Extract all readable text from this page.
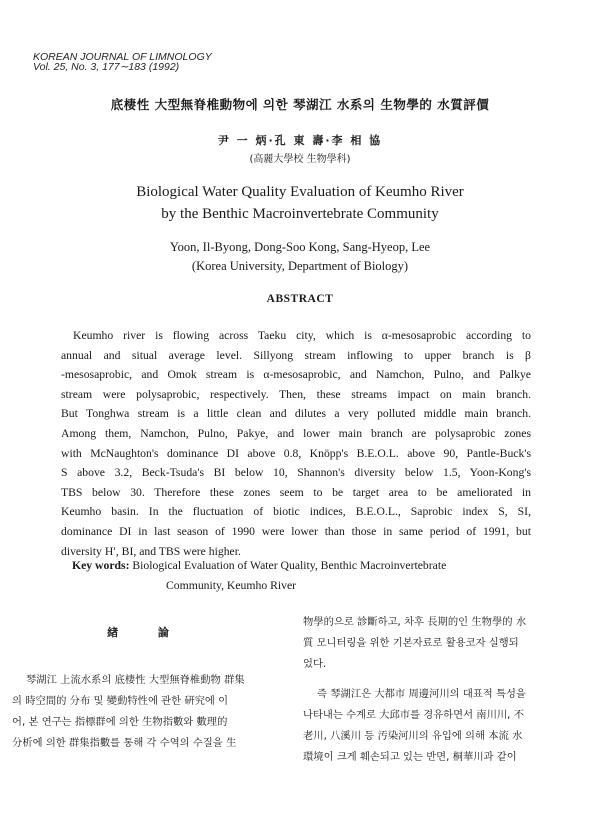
KOREAN JOURNAL OF LIMNOLOGY
Vol. 25, No. 3, 177∼183 (1992)
底棲性 大型無脊椎動物에 의한 琴湖江 水系의 生物學的 水質評價
尹 一 炳·孔 東 壽·李 相 協
(高麗大學校 生物學科)
Biological Water Quality Evaluation of Keumho River
by the Benthic Macroinvertebrate Community
Yoon, Il-Byong, Dong-Soo Kong, Sang-Hyeop, Lee
(Korea University, Department of Biology)
ABSTRACT
Keumho river is flowing across Taeku city, which is α-mesosaprobic according to
annual and situal average level. Sillyong stream inflowing to upper branch is β
-mesosaprobic, and Omok stream is α-mesosaprobic, and Namchon, Pulno, and Palkye
stream were polysaprobic, respectively. Then, these streams impact on main branch.
But Tonghwa stream is a little clean and dilutes a very polluted middle main branch.
Among them, Namchon, Pulno, Pakye, and lower main branch are polysaprobic zones
with McNaughton's dominance DI above 0.8, Knöpp's B.E.O.L. above 90, Pantle-Buck's
S above 3.2, Beck-Tsuda's BI below 10, Shannon's diversity below 1.5, Yoon-Kong's
TBS below 30. Therefore these zones seem to be target area to be ameliorated in
Keumho basin. In the fluctuation of biotic indices, B.E.O.L., Saprobic index S, SI,
dominance DI in last season of 1990 were lower than those in same period of 1991, but
diversity H′, BI, and TBS were higher.
Key words: Biological Evaluation of Water Quality, Benthic Macroinvertebrate
Community, Keumho River
緖 論
琴湖江 上流水系의 底棲性 大型無脊椎動物 群集
의 時空間的 分布 및 變動特性에 관한 硏究에 이
어, 본 연구는 指標群에 의한 生物指數와 數理的
分析에 의한 群集指數를 통해 각 수역의 수질을 生
物學的으로 診斷하고, 차후 長期的인 生物學的 水
質 모니터링을 위한 기본자료로 활용코자 실행되
었다.
즉 琴湖江은 大都市 周邊河川의 대표적 특성을
나타내는 수계로 大邱市를 경유하면서 南川川, 不
老川, 八溪川 등 汚染河川의 유입에 의해 本流 水
環境이 크게 훼손되고 있는 반면, 桐華川과 같이
